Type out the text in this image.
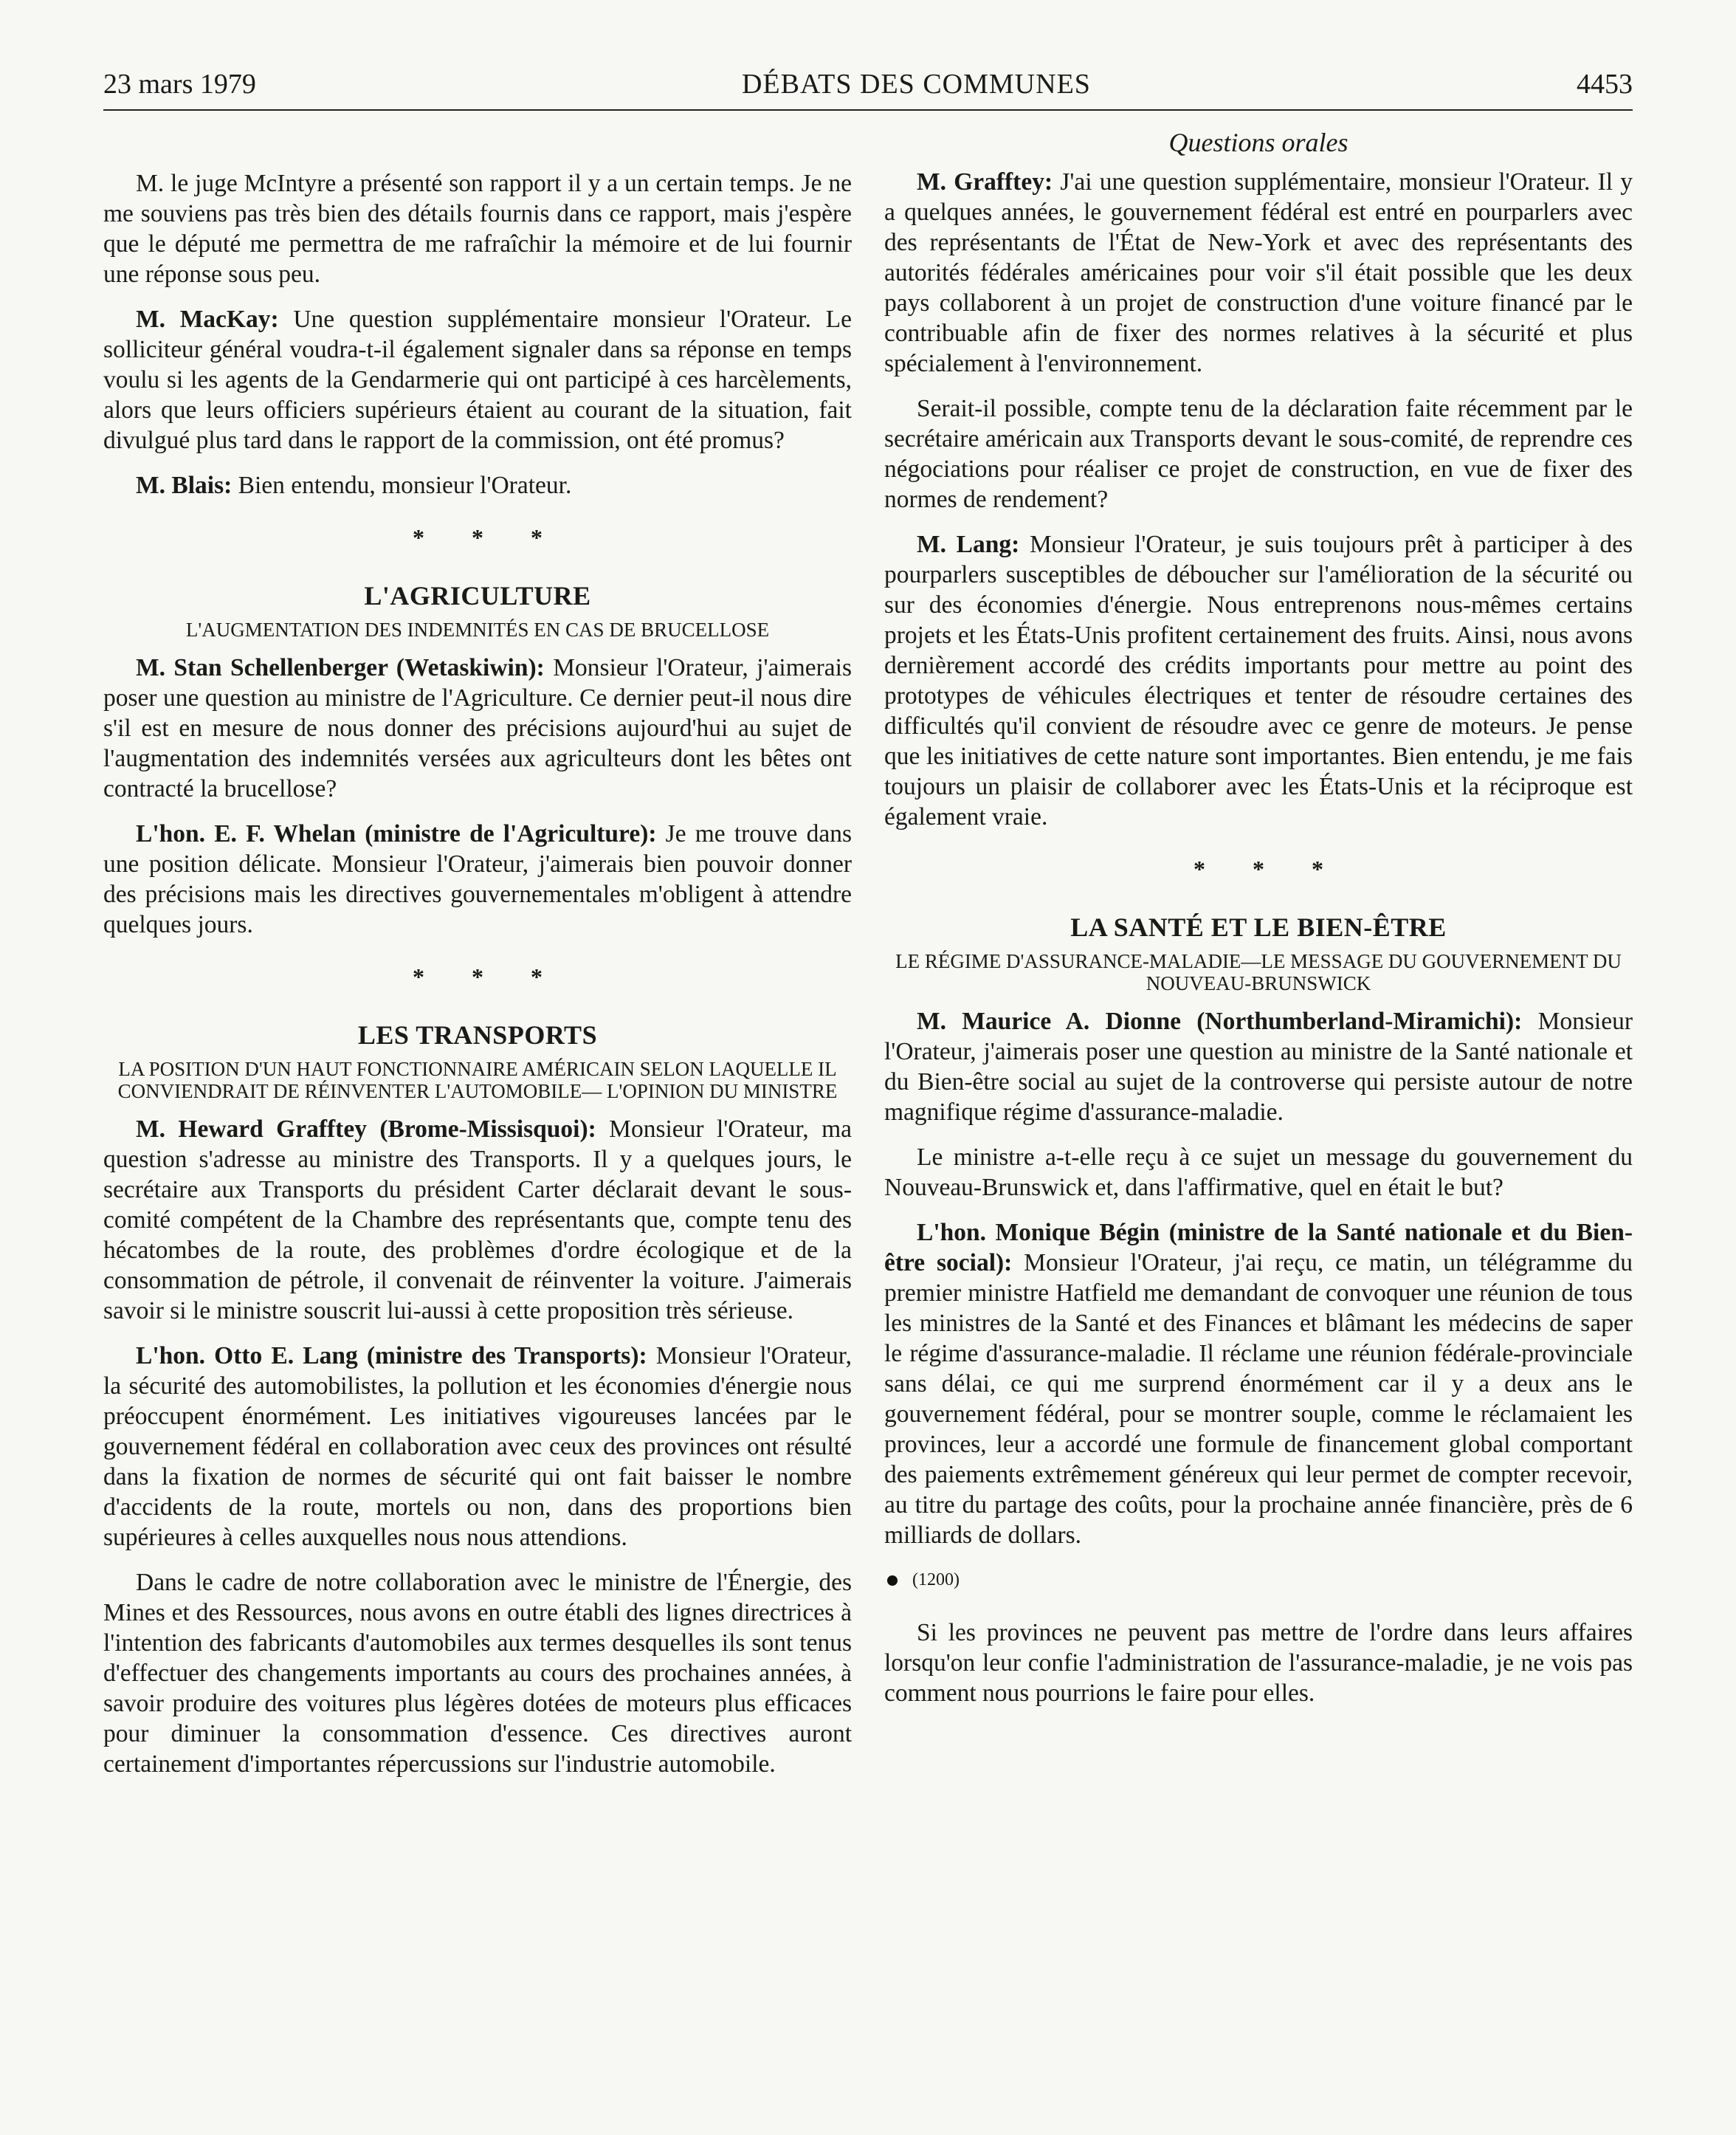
23 mars 1979	DÉBATS DES COMMUNES	4453
Questions orales

M. le juge McIntyre a présenté son rapport il y a un certain temps. Je ne me souviens pas très bien des détails fournis dans ce rapport, mais j'espère que le député me permettra de me rafraîchir la mémoire et de lui fournir une réponse sous peu.

M. MacKay: Une question supplémentaire monsieur l'Orateur. Le solliciteur général voudra-t-il également signaler dans sa réponse en temps voulu si les agents de la Gendarmerie qui ont participé à ces harcèlements, alors que leurs officiers supérieurs étaient au courant de la situation, fait divulgué plus tard dans le rapport de la commission, ont été promus?

M. Blais: Bien entendu, monsieur l'Orateur.

* * *
L'AGRICULTURE
L'AUGMENTATION DES INDEMNITÉS EN CAS DE BRUCELLOSE

M. Stan Schellenberger (Wetaskiwin): Monsieur l'Orateur, j'aimerais poser une question au ministre de l'Agriculture. Ce dernier peut-il nous dire s'il est en mesure de nous donner des précisions aujourd'hui au sujet de l'augmentation des indemnités versées aux agriculteurs dont les bêtes ont contracté la brucellose?

L'hon. E. F. Whelan (ministre de l'Agriculture): Je me trouve dans une position délicate. Monsieur l'Orateur, j'aimerais bien pouvoir donner des précisions mais les directives gouvernementales m'obligent à attendre quelques jours.

* * *
LES TRANSPORTS
LA POSITION D'UN HAUT FONCTIONNAIRE AMÉRICAIN SELON LAQUELLE IL CONVIENDRAIT DE RÉINVENTER L'AUTOMOBILE— L'OPINION DU MINISTRE

M. Heward Grafftey (Brome-Missisquoi): Monsieur l'Orateur, ma question s'adresse au ministre des Transports. Il y a quelques jours, le secrétaire aux Transports du président Carter déclarait devant le sous-comité compétent de la Chambre des représentants que, compte tenu des hécatombes de la route, des problèmes d'ordre écologique et de la consommation de pétrole, il convenait de réinventer la voiture. J'aimerais savoir si le ministre souscrit lui-aussi à cette proposition très sérieuse.

L'hon. Otto E. Lang (ministre des Transports): Monsieur l'Orateur, la sécurité des automobilistes, la pollution et les économies d'énergie nous préoccupent énormément. Les initiatives vigoureuses lancées par le gouvernement fédéral en collaboration avec ceux des provinces ont résulté dans la fixation de normes de sécurité qui ont fait baisser le nombre d'accidents de la route, mortels ou non, dans des proportions bien supérieures à celles auxquelles nous nous attendions.

Dans le cadre de notre collaboration avec le ministre de l'Énergie, des Mines et des Ressources, nous avons en outre établi des lignes directrices à l'intention des fabricants d'automobiles aux termes desquelles ils sont tenus d'effectuer des changements importants au cours des prochaines années, à savoir produire des voitures plus légères dotées de moteurs plus efficaces pour diminuer la consommation d'essence. Ces directives auront certainement d'importantes répercussions sur l'industrie automobile.

M. Grafftey: J'ai une question supplémentaire, monsieur l'Orateur. Il y a quelques années, le gouvernement fédéral est entré en pourparlers avec des représentants de l'État de New-York et avec des représentants des autorités fédérales américaines pour voir s'il était possible que les deux pays collaborent à un projet de construction d'une voiture financé par le contribuable afin de fixer des normes relatives à la sécurité et plus spécialement à l'environnement.

Serait-il possible, compte tenu de la déclaration faite récemment par le secrétaire américain aux Transports devant le sous-comité, de reprendre ces négociations pour réaliser ce projet de construction, en vue de fixer des normes de rendement?

M. Lang: Monsieur l'Orateur, je suis toujours prêt à participer à des pourparlers susceptibles de déboucher sur l'amélioration de la sécurité ou sur des économies d'énergie. Nous entreprenons nous-mêmes certains projets et les États-Unis profitent certainement des fruits. Ainsi, nous avons dernièrement accordé des crédits importants pour mettre au point des prototypes de véhicules électriques et tenter de résoudre certaines des difficultés qu'il convient de résoudre avec ce genre de moteurs. Je pense que les initiatives de cette nature sont importantes. Bien entendu, je me fais toujours un plaisir de collaborer avec les États-Unis et la réciproque est également vraie.

* * *
LA SANTÉ ET LE BIEN-ÊTRE
LE RÉGIME D'ASSURANCE-MALADIE—LE MESSAGE DU GOUVERNEMENT DU NOUVEAU-BRUNSWICK

M. Maurice A. Dionne (Northumberland-Miramichi): Monsieur l'Orateur, j'aimerais poser une question au ministre de la Santé nationale et du Bien-être social au sujet de la controverse qui persiste autour de notre magnifique régime d'assurance-maladie.

Le ministre a-t-elle reçu à ce sujet un message du gouvernement du Nouveau-Brunswick et, dans l'affirmative, quel en était le but?

L'hon. Monique Bégin (ministre de la Santé nationale et du Bien-être social): Monsieur l'Orateur, j'ai reçu, ce matin, un télégramme du premier ministre Hatfield me demandant de convoquer une réunion de tous les ministres de la Santé et des Finances et blâmant les médecins de saper le régime d'assurance-maladie. Il réclame une réunion fédérale-provinciale sans délai, ce qui me surprend énormément car il y a deux ans le gouvernement fédéral, pour se montrer souple, comme le réclamaient les provinces, leur a accordé une formule de financement global comportant des paiements extrêmement généreux qui leur permet de compter recevoir, au titre du partage des coûts, pour la prochaine année financière, près de 6 milliards de dollars.

(1200)

Si les provinces ne peuvent pas mettre de l'ordre dans leurs affaires lorsqu'on leur confie l'administration de l'assurance-maladie, je ne vois pas comment nous pourrions le faire pour elles.
